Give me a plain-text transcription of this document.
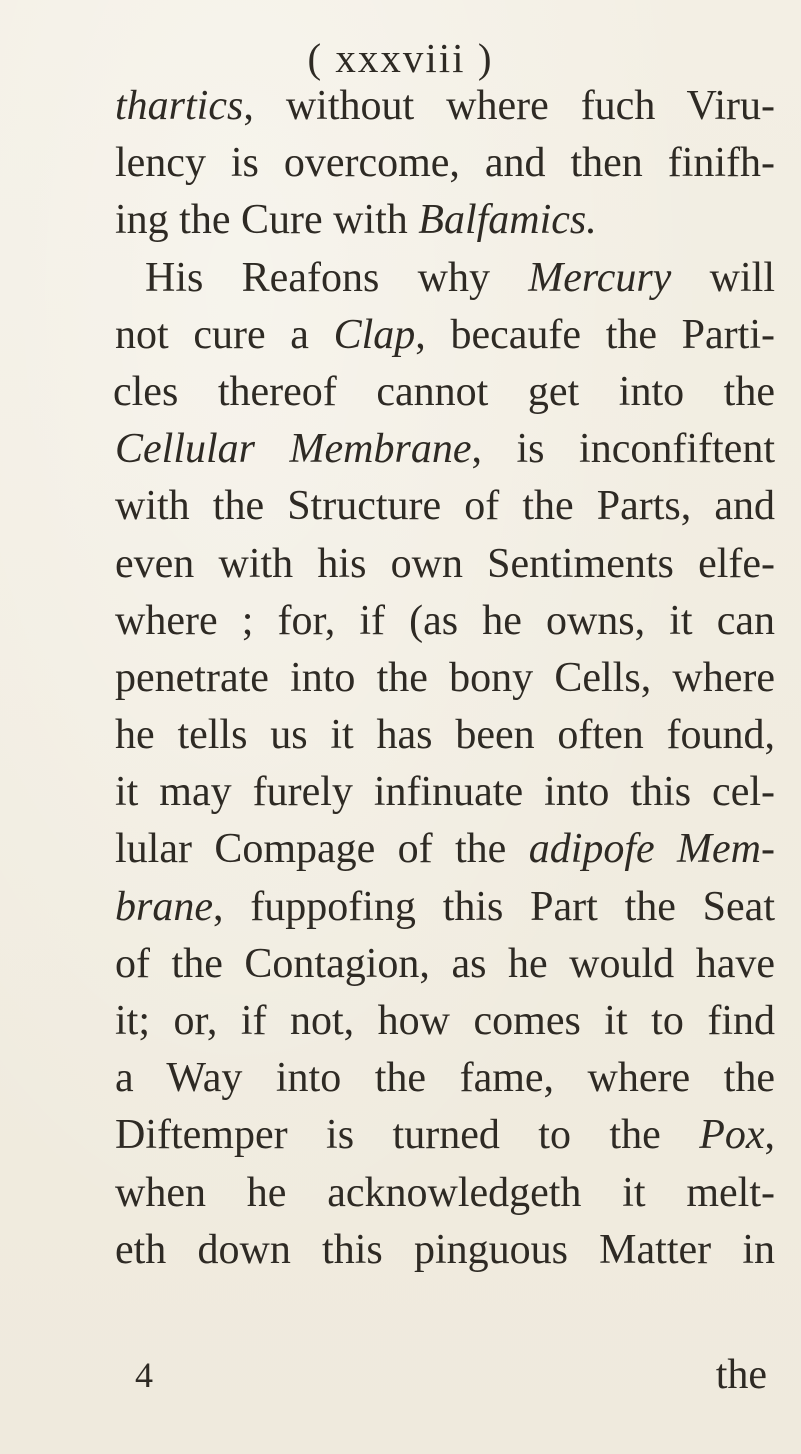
( xxxviii )
thartics, without where fuch Viru-
lency is overcome, and then finifh-
ing the Cure with Balfamics.
His Reafons why Mercury will
not cure a Clap, becaufe the Parti-
cles thereof cannot get into the
Cellular Membrane, is inconfiftent
with the Structure of the Parts, and
even with his own Sentiments elfe-
where ; for, if (as he owns, it can
penetrate into the bony Cells, where
he tells us it has been often found,
it may furely infinuate into this cel-
lular Compage of the adipofe Mem-
brane, fuppofing this Part the Seat
of the Contagion, as he would have
it; or, if not, how comes it to find
a Way into the fame, where the
Diftemper is turned to the Pox,
when he acknowledgeth it melt-
eth down this pinguous Matter in
4	the
